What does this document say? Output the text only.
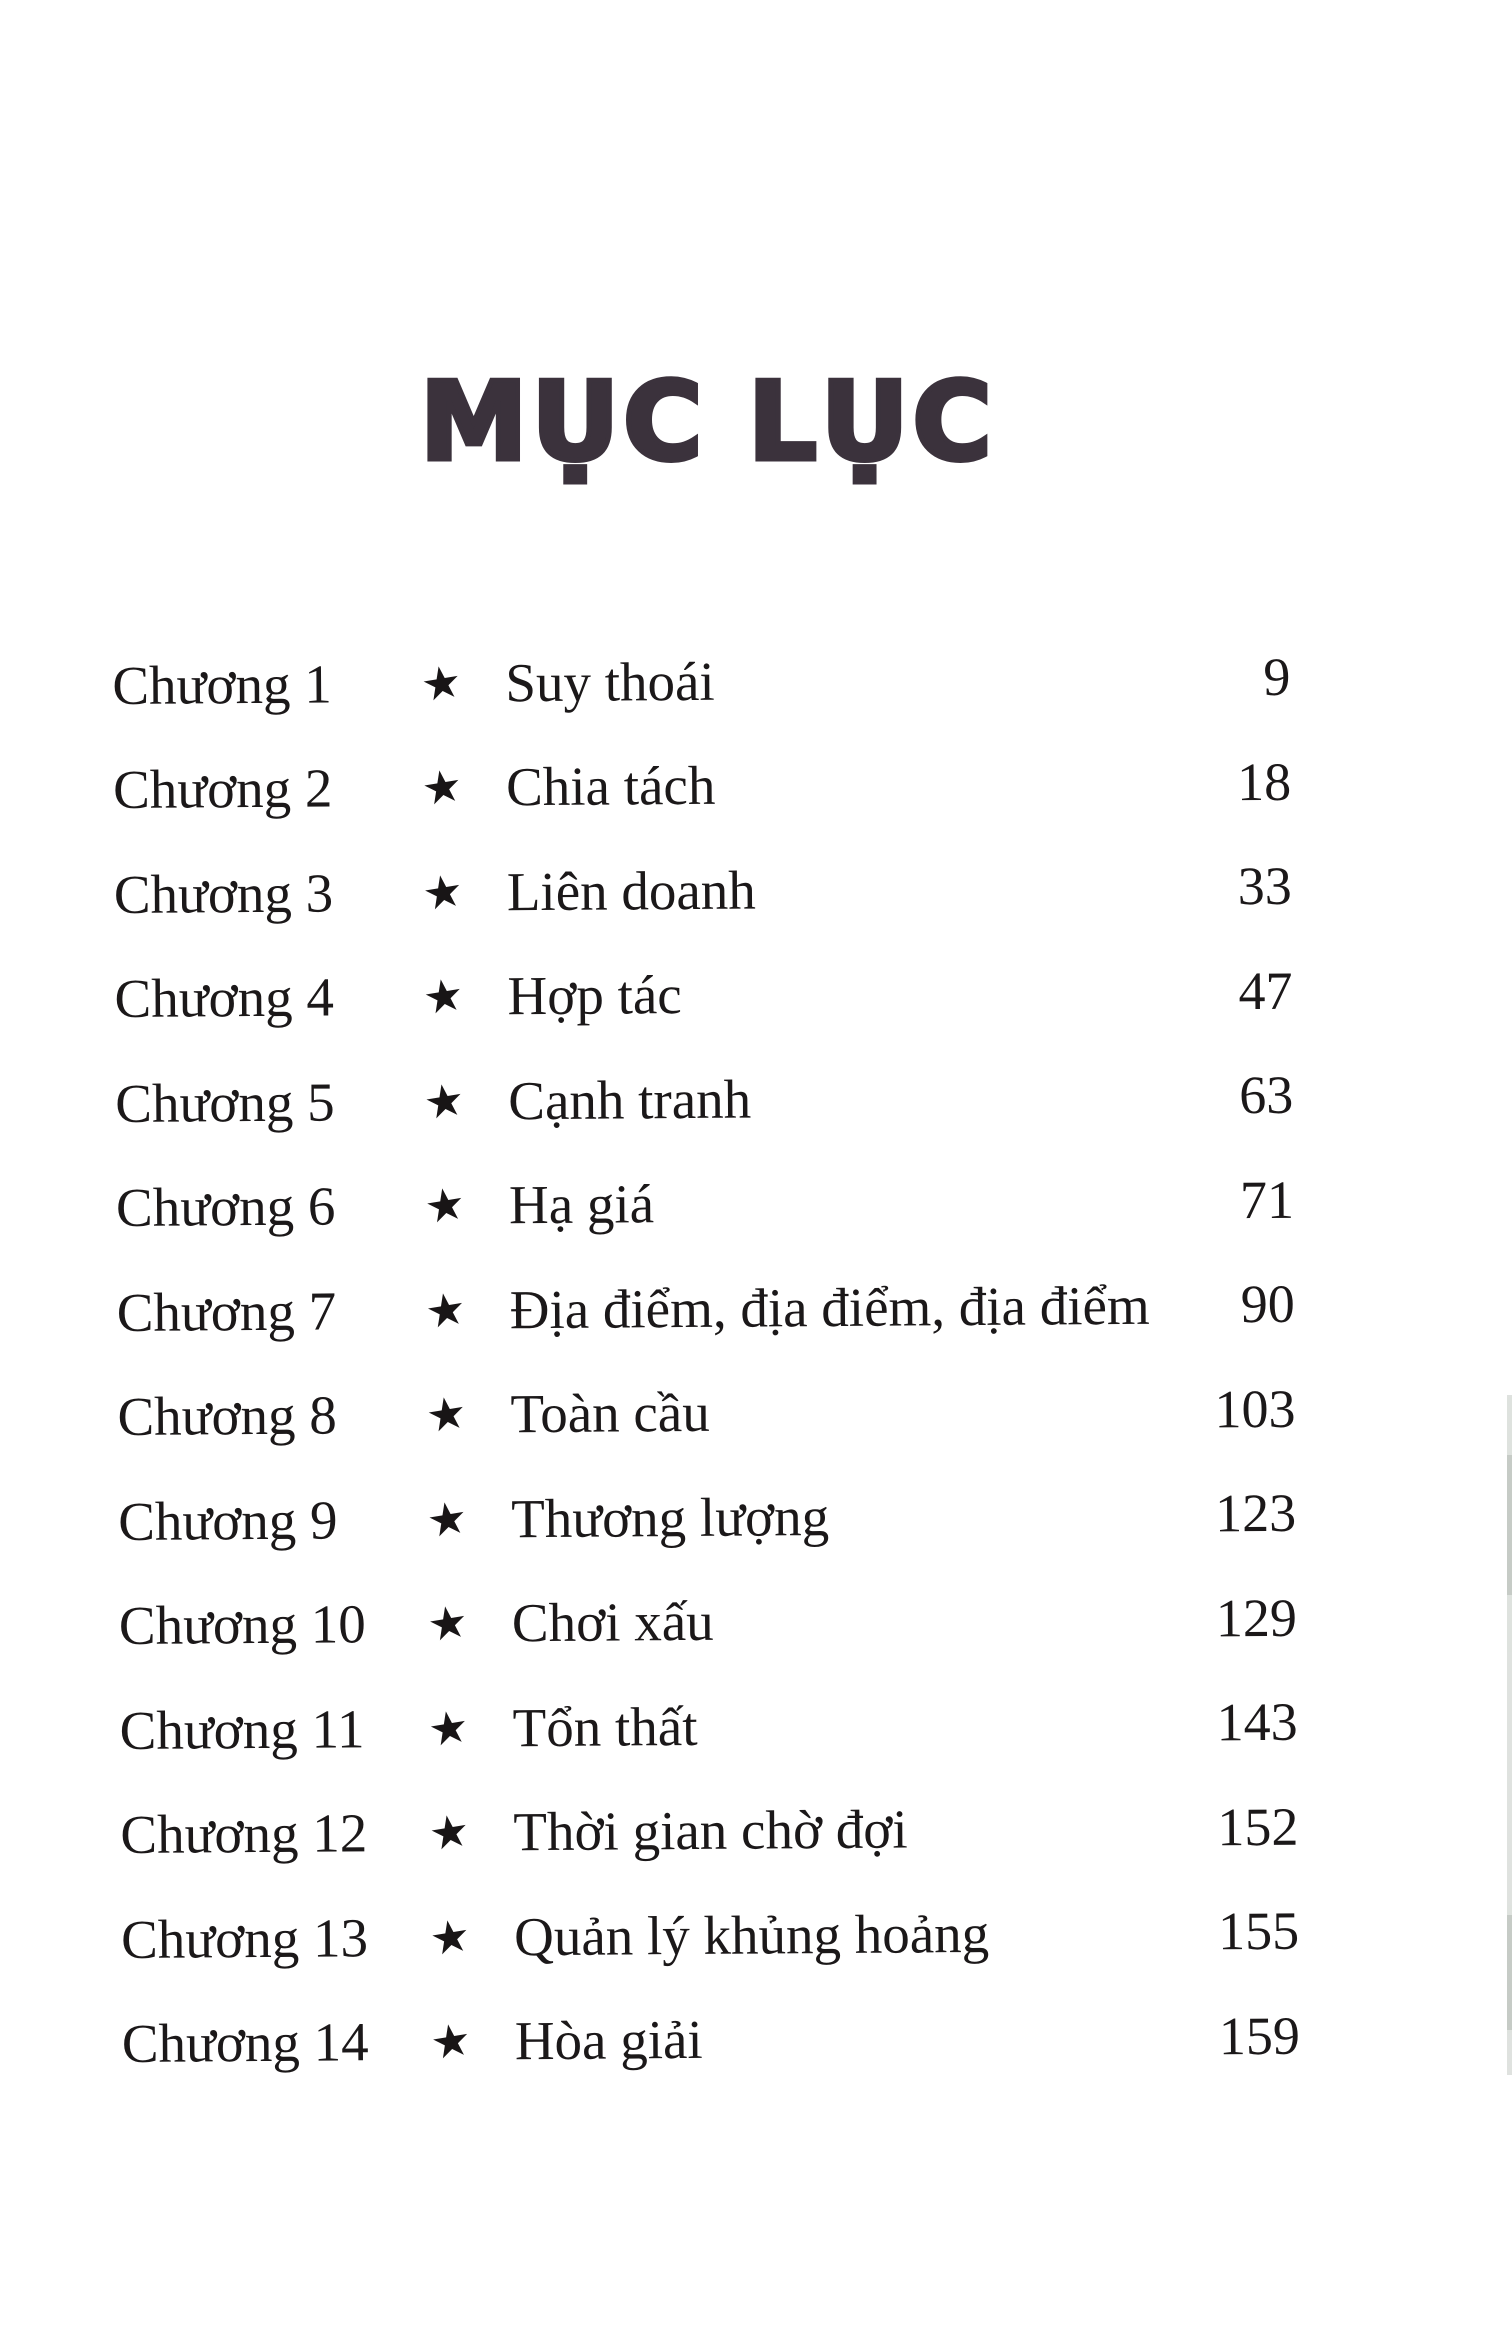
MỤC LỤC
Chương 1	★ Suy thoái	9
Chương 2	★ Chia tách	18
Chương 3	★ Liên doanh	33
Chương 4	★ Hợp tác	47
Chương 5	★ Cạnh tranh	63
Chương 6	★ Hạ giá	71
Chương 7	★ Địa điểm, địa điểm, địa điểm	90
Chương 8	★ Toàn cầu	103
Chương 9	★ Thương lượng	123
Chương 10	★ Chơi xấu	129
Chương 11	★ Tổn thất	143
Chương 12	★ Thời gian chờ đợi	152
Chương 13	★ Quản lý khủng hoảng	155
Chương 14	★ Hòa giải	159
